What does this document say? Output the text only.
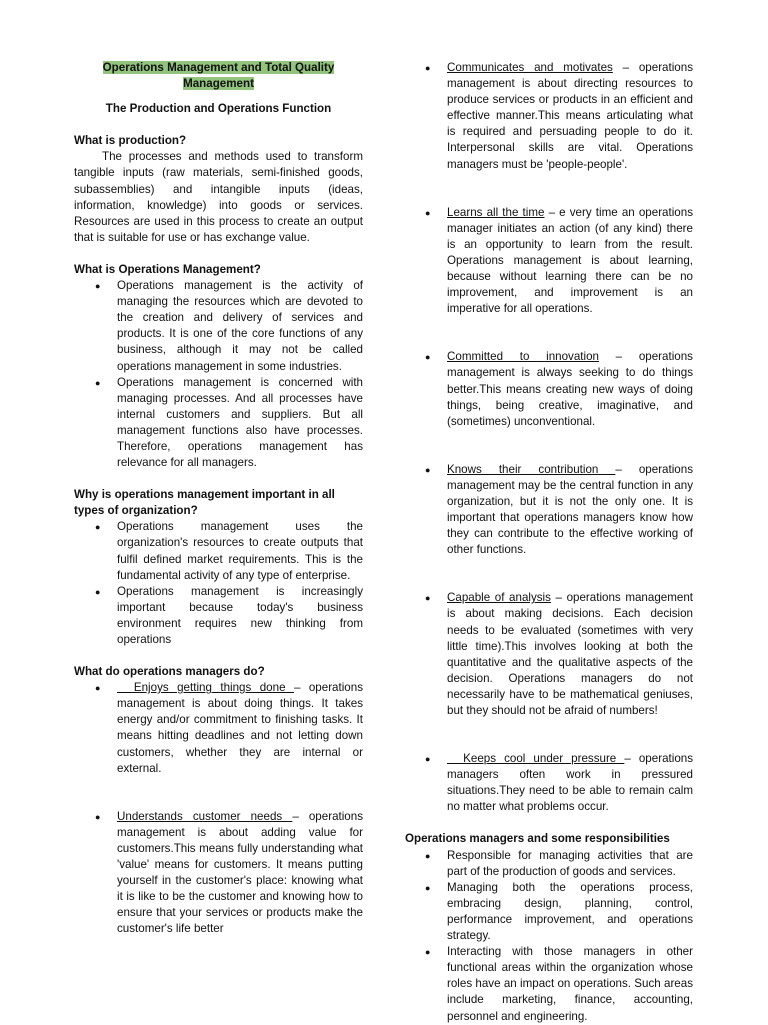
Operations Management and Total Quality
Management
The Production and Operations Function
What is production?

The processes and methods used to transform tangible inputs (raw materials, semi-finished goods, subassemblies) and intangible inputs (ideas, information, knowledge) into goods or services. Resources are used in this process to create an output that is suitable for use or has exchange value.

What is Operations Management?
● Operations management is the activity of managing the resources which are devoted to the creation and delivery of services and products. It is one of the core functions of any business, although it may not be called operations management in some industries.
● Operations management is concerned with managing processes. And all processes have internal customers and suppliers. But all management functions also have processes. Therefore, operations management has relevance for all managers.
Why is operations management important in all types of organization?
● Operations management uses the organization's resources to create outputs that fulfil defined market requirements. This is the fundamental activity of any type of enterprise.
● Operations management is increasingly important because today's business environment requires new thinking from operations
What do operations managers do?
● Enjoys getting things done – operations management is about doing things. It takes energy and/or commitment to finishing tasks. It means hitting deadlines and not letting down customers, whether they are internal or external.
● Understands customer needs – operations management is about adding value for customers.This means fully understanding what 'value' means for customers. It means putting yourself in the customer's place: knowing what it is like to be the customer and knowing how to ensure that your services or products make the customer's life better
● Communicates and motivates – operations management is about directing resources to produce services or products in an efficient and effective manner.This means articulating what is required and persuading people to do it. Interpersonal skills are vital. Operations managers must be 'people-people'.
● Learns all the time – e very time an operations manager initiates an action (of any kind) there is an opportunity to learn from the result. Operations management is about learning, because without learning there can be no improvement, and improvement is an imperative for all operations.
● Committed to innovation – operations management is always seeking to do things better.This means creating new ways of doing things, being creative, imaginative, and (sometimes) unconventional.
● Knows their contribution – operations management may be the central function in any organization, but it is not the only one. It is important that operations managers know how they can contribute to the effective working of other functions.
● Capable of analysis – operations management is about making decisions. Each decision needs to be evaluated (sometimes with very little time).This involves looking at both the quantitative and the qualitative aspects of the decision. Operations managers do not necessarily have to be mathematical geniuses, but they should not be afraid of numbers!
● Keeps cool under pressure – operations managers often work in pressured situations.They need to be able to remain calm no matter what problems occur.
Operations managers and some responsibilities
● Responsible for managing activities that are part of the production of goods and services.
● Managing both the operations process, embracing design, planning, control, performance improvement, and operations strategy.
● Interacting with those managers in other functional areas within the organization whose roles have an impact on operations. Such areas include marketing, finance, accounting, personnel and engineering.
